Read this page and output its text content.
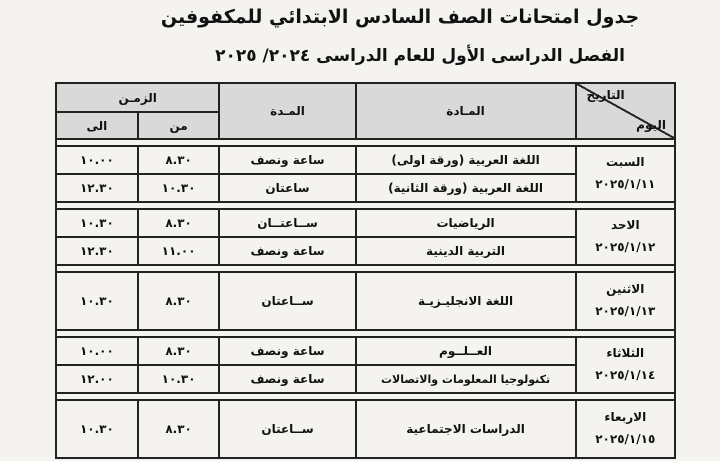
جدول امتحانات الصف السادس الابتدائي للمكفوفين
الفصل الدراسى الأول للعام الدراسى ٢٠٢٤/ ٢٠٢٥
التاريخ
اليوم	المـادة	المـدة	الزمـن	
			من	الى

السبت
٢٠٢٥/١/١١	اللغة العربية (ورقة اولى)	ساعة ونصف	٨.٣٠	١٠.٠٠
	اللغة العربية (ورقة الثانية)	ساعتان	١٠.٣٠	١٢.٣٠

الاحد
٢٠٢٥/١/١٢	الرياضيات	ســاعتــان	٨.٣٠	١٠.٣٠
	التربية الدينية	ساعة ونصف	١١.٠٠	١٢.٣٠

الاثنين
٢٠٢٥/١/١٣	اللغة الانجليـزيـة	ســاعتان	٨.٣٠	١٠.٣٠

الثلاثاء
٢٠٢٥/١/١٤	العــلــوم	ساعة ونصف	٨.٣٠	١٠.٠٠
	تكنولوجيا المعلومات والاتصالات	ساعة ونصف	١٠.٣٠	١٢.٠٠

الاربعاء
٢٠٢٥/١/١٥	الدراسات الاجتماعية	ســاعتان	٨.٣٠	١٠.٣٠
